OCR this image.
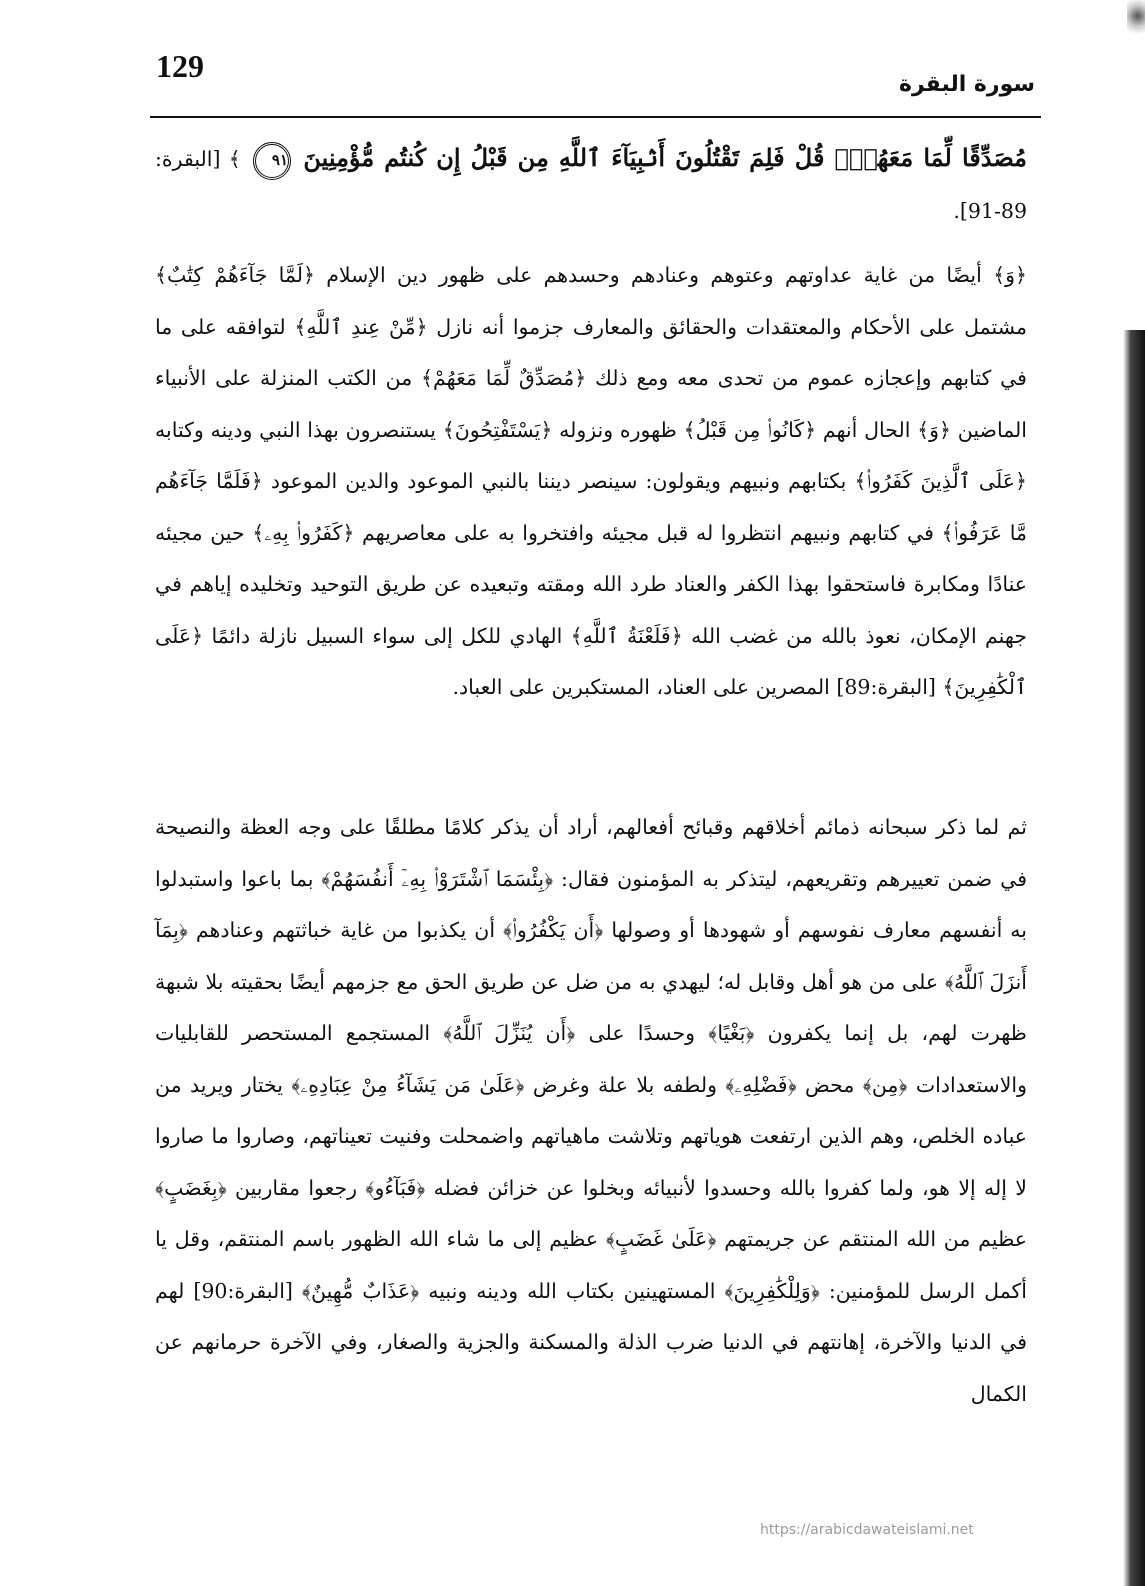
129
سورة البقرة
مُصَدِّقًا لِّمَا مَعَهُمْۗ قُلْ فَلِمَ تَقْتُلُونَ أَنۢبِيَآءَ ٱللَّهِ مِن قَبْلُ إِن كُنتُم مُّؤْمِنِينَ ٩١ ﴾ [البقرة: 89-91].
﴿وَ﴾ أيضًا من غاية عداوتهم وعتوهم وعنادهم وحسدهم على ظهور دين الإسلام ﴿لَمَّا جَآءَهُمْ كِتَٰبٌ﴾ مشتمل على الأحكام والمعتقدات والحقائق والمعارف جزموا أنه نازل ﴿مِّنْ عِندِ ٱللَّهِ﴾ لتوافقه على ما في كتابهم وإعجازه عموم من تحدى معه ومع ذلك ﴿مُصَدِّقٌ لِّمَا مَعَهُمْ﴾ من الكتب المنزلة على الأنبياء الماضين ﴿وَ﴾ الحال أنهم ﴿كَانُوا۟ مِن قَبْلُ﴾ ظهوره ونزوله ﴿يَسْتَفْتِحُونَ﴾ يستنصرون بهذا النبي ودينه وكتابه ﴿عَلَى ٱلَّذِينَ كَفَرُوا۟﴾ بكتابهم ونبيهم ويقولون: سينصر ديننا بالنبي الموعود والدين الموعود ﴿فَلَمَّا جَآءَهُم مَّا عَرَفُوا۟﴾ في كتابهم ونبيهم انتظروا له قبل مجيئه وافتخروا به على معاصريهم ﴿كَفَرُوا۟ بِهِۦ﴾ حين مجيئه عنادًا ومكابرة فاستحقوا بهذا الكفر والعناد طرد الله ومقته وتبعيده عن طريق التوحيد وتخليده إياهم في جهنم الإمكان، نعوذ بالله من غضب الله ﴿فَلَعْنَةُ ٱللَّهِ﴾ الهادي للكل إلى سواء السبيل نازلة دائمًا ﴿عَلَى ٱلْكَٰفِرِينَ﴾ [البقرة:89] المصرين على العناد، المستكبرين على العباد.
ثم لما ذكر سبحانه ذمائم أخلاقهم وقبائح أفعالهم، أراد أن يذكر كلامًا مطلقًا على وجه العظة والنصيحة في ضمن تعييرهم وتقريعهم، ليتذكر به المؤمنون فقال: ﴿بِئْسَمَا ٱشْتَرَوْا۟ بِهِۦٓ أَنفُسَهُمْ﴾ بما باعوا واستبدلوا به أنفسهم معارف نفوسهم أو شهودها أو وصولها ﴿أَن يَكْفُرُوا۟﴾ أن يكذبوا من غاية خباثتهم وعنادهم ﴿بِمَآ أَنزَلَ ٱللَّهُ﴾ على من هو أهل وقابل له؛ ليهدي به من ضل عن طريق الحق مع جزمهم أيضًا بحقيته بلا شبهة ظهرت لهم، بل إنما يكفرون ﴿بَغْيًا﴾ وحسدًا على ﴿أَن يُنَزِّلَ ٱللَّهُ﴾ المستجمع المستحصر للقابليات والاستعدادات ﴿مِن﴾ محض ﴿فَضْلِهِۦ﴾ ولطفه بلا علة وغرض ﴿عَلَىٰ مَن يَشَآءُ مِنْ عِبَادِهِۦ﴾ يختار ويريد من عباده الخلص، وهم الذين ارتفعت هوياتهم وتلاشت ماهياتهم واضمحلت وفنيت تعيناتهم، وصاروا ما صاروا لا إله إلا هو، ولما كفروا بالله وحسدوا لأنبيائه وبخلوا عن خزائن فضله ﴿فَبَآءُو﴾ رجعوا مقاربين ﴿بِغَضَبٍ﴾ عظيم من الله المنتقم عن جريمتهم ﴿عَلَىٰ غَضَبٍ﴾ عظيم إلى ما شاء الله الظهور باسم المنتقم، وقل يا أكمل الرسل للمؤمنين: ﴿وَلِلْكَٰفِرِينَ﴾ المستهينين بكتاب الله ودينه ونبيه ﴿عَذَابٌ مُّهِينٌ﴾ [البقرة:90] لهم في الدنيا والآخرة، إهانتهم في الدنيا ضرب الذلة والمسكنة والجزية والصغار، وفي الآخرة حرمانهم عن الكمال
https://arabicdawateislami.net
